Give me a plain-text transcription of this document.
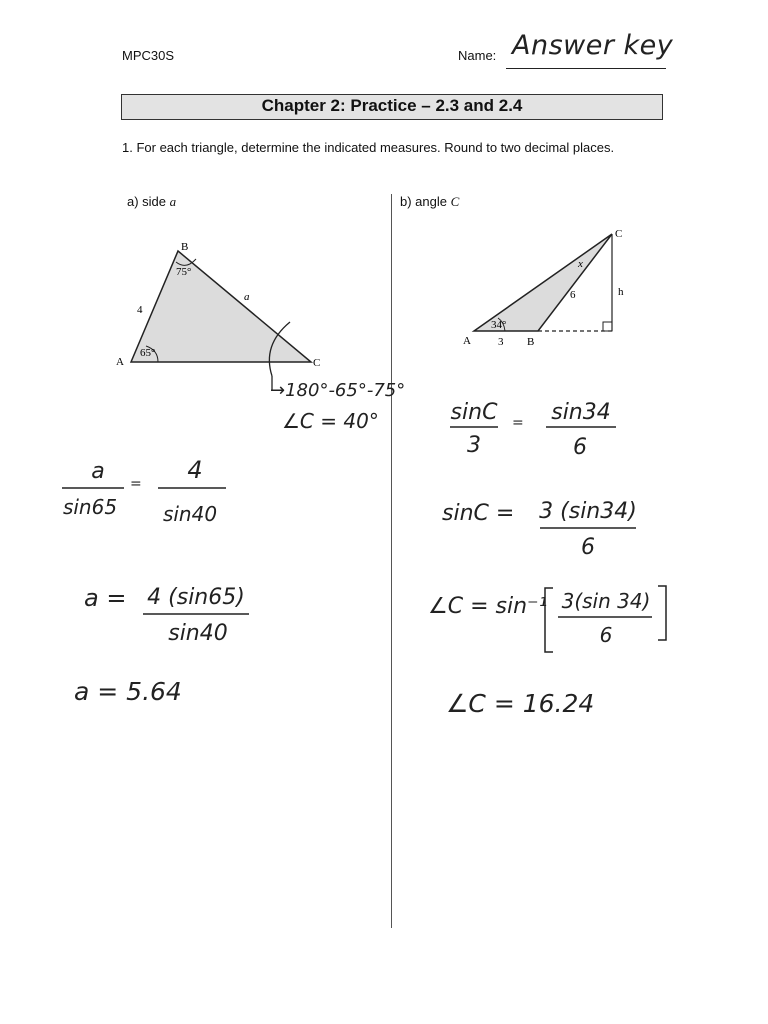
MPC30S	Name: Answer key
Chapter 2: Practice – 2.3 and 2.4
1. For each triangle, determine the indicated measures. Round to two decimal places.
a) side a	b) angle C
B
A	C
75°
65°
4
a
→180°-65°-75°
∠C = 40°
a
sin65
= 4
sin40
a = 4 (sin65)
sin40
a = 5.64
C
A	B
34°
x
3
6	h
sinC
3
= sin34
6
sinC = 3 (sin34)
6
∠C = sin⁻¹ 3(sin 34)
6
∠C = 16.24
